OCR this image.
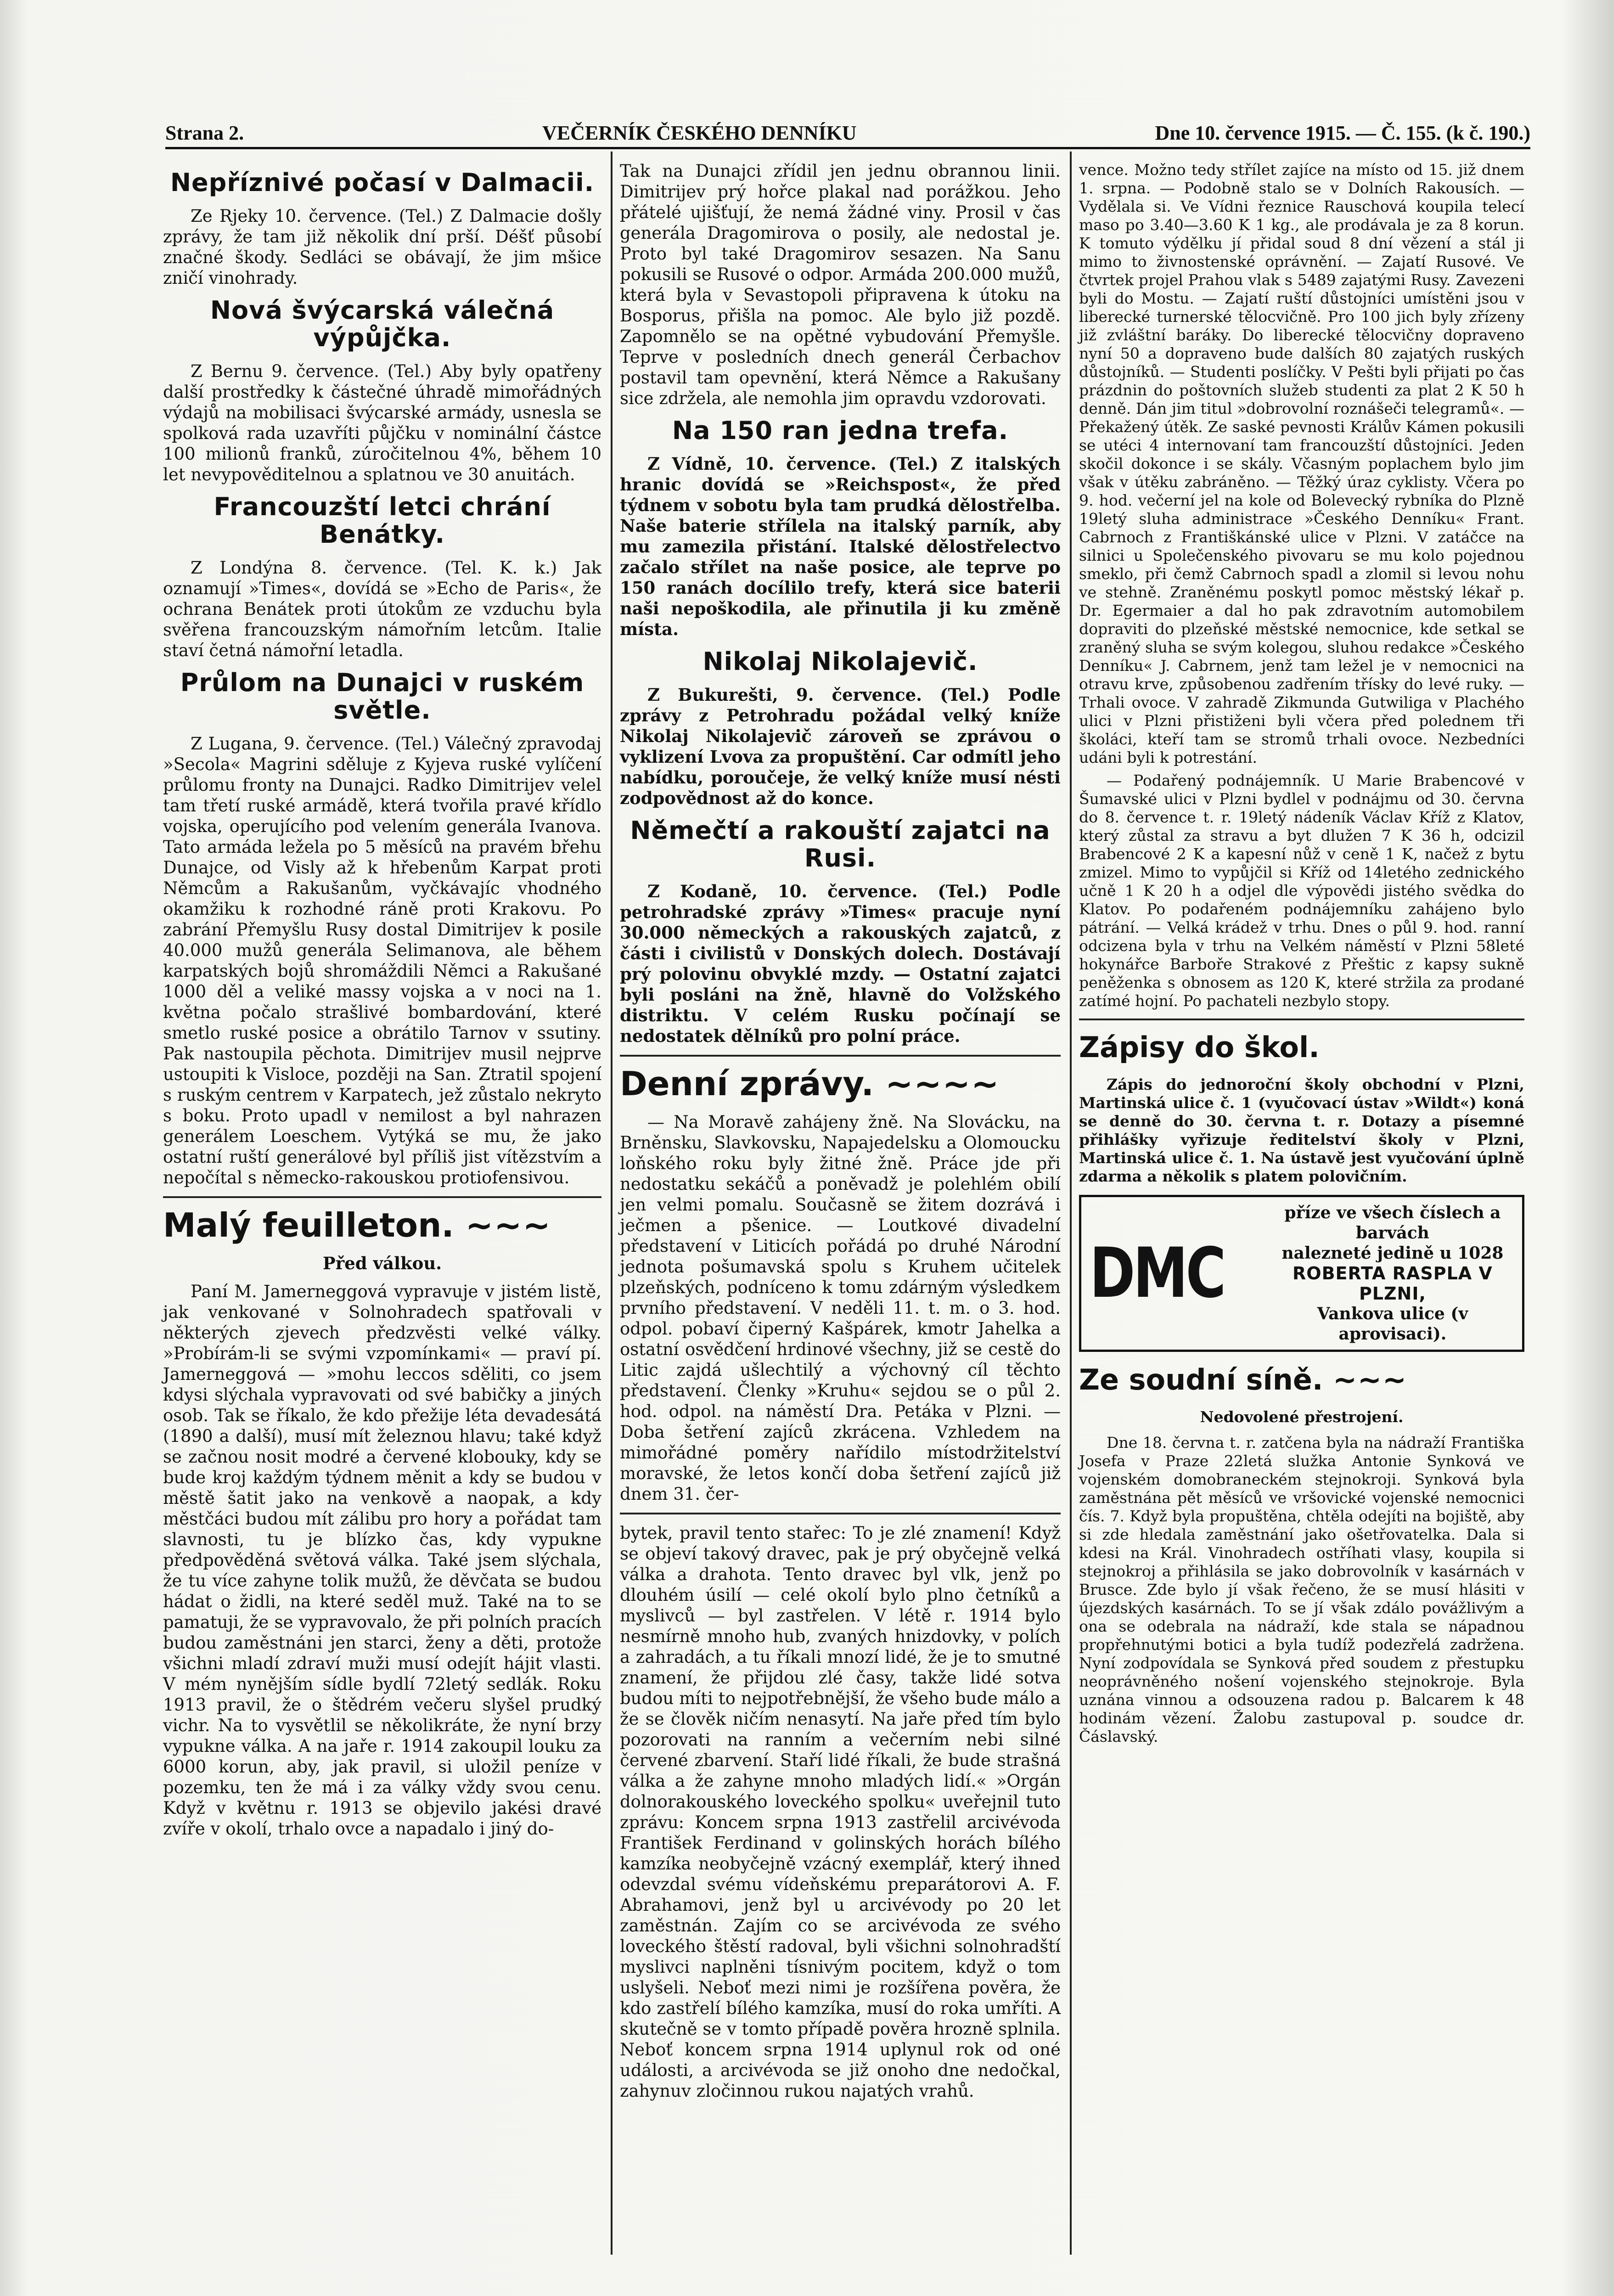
Strana 2.	VEČERNÍK ČESKÉHO DENNÍKU	Dne 10. července 1915. — Č. 155. (k č. 190.)
Nepříznivé počasí v Dalmacii.

Ze Rjeky 10. července. (Tel.) Z Dalmacie došly zprávy, že tam již několik dní prší. Déšť působí značné škody. Sedláci se obávají, že jim mšice zničí vinohrady.

Nová švýcarská válečná výpůjčka.

Z Bernu 9. července. (Tel.) Aby byly opatřeny další prostředky k částečné úhradě mimořádných výdajů na mobilisaci švýcarské armády, usnesla se spolková rada uzavříti půjčku v nominální částce 100 milionů franků, zúročitelnou 4%, během 10 let nevypověditelnou a splatnou ve 30 anuitách.

Francouzští letci chrání Benátky.

Z Londýna 8. července. (Tel. K. k.) Jak oznamují »Times«, dovídá se »Echo de Paris«, že ochrana Benátek proti útokům ze vzduchu byla svěřena francouzským námořním letcům. Italie staví četná námořní letadla.

Průlom na Dunajci v ruském světle.

Z Lugana, 9. července. (Tel.) Válečný zpravodaj »Secola« Magrini sděluje z Kyjeva ruské vylíčení průlomu fronty na Dunajci. Radko Dimitrijev velel tam třetí ruské armádě, která tvořila pravé křídlo vojska, operujícího pod velením generála Ivanova. Tato armáda ležela po 5 měsíců na pravém břehu Dunajce, od Visly až k hřebenům Karpat proti Němcům a Rakušanům, vyčkávajíc vhodného okamžiku k rozhodné ráně proti Krakovu. Po zabrání Přemyšlu Rusy dostal Dimitrijev k posile 40.000 mužů generála Selimanova, ale během karpatských bojů shromáždili Němci a Rakušané 1000 děl a veliké massy vojska a v noci na 1. května počalo strašlivé bombardování, které smetlo ruské posice a obrátilo Tarnov v ssutiny. Pak nastoupila pěchota. Dimitrijev musil nejprve ustoupiti k Visloce, později na San. Ztratil spojení s ruským centrem v Karpatech, jež zůstalo nekryto s boku. Proto upadl v nemilost a byl nahrazen generálem Loeschem. Vytýká se mu, že jako ostatní ruští generálové byl příliš jist vítězstvím a nepočítal s německo-rakouskou protiofensivou.

Malý feuilleton. ~~~
Před válkou.

Paní M. Jamerneggová vypravuje v jistém listě, jak venkované v Solnohradech spatřovali v některých zjevech předzvěsti velké války. »Probírám-li se svými vzpomínkami« — praví pí. Jamerneggová — »mohu leccos sděliti, co jsem kdysi slýchala vypravovati od své babičky a jiných osob. Tak se říkalo, že kdo přežije léta devadesátá (1890 a další), musí mít železnou hlavu; také když se začnou nosit modré a červené klobouky, kdy se bude kroj každým týdnem měnit a kdy se budou v městě šatit jako na venkově a naopak, a kdy městčáci budou mít zálibu pro hory a pořádat tam slavnosti, tu je blízko čas, kdy vypukne předpověděná světová válka. Také jsem slýchala, že tu více zahyne tolik mužů, že děvčata se budou hádat o židli, na které seděl muž. Také na to se pamatuji, že se vypravovalo, že při polních pracích budou zaměstnáni jen starci, ženy a děti, protože všichni mladí zdraví muži musí odejít hájit vlasti. V mém nynějším sídle bydlí 72letý sedlák. Roku 1913 pravil, že o štědrém večeru slyšel prudký vichr. Na to vysvětlil se několikráte, že nyní brzy vypukne válka. A na jaře r. 1914 zakoupil louku za 6000 korun, aby, jak pravil, si uložil peníze v pozemku, ten že má i za války vždy svou cenu. Když v květnu r. 1913 se objevilo jakési dravé zvíře v okolí, trhalo ovce a napadalo i jiný do-

Tak na Dunajci zřídil jen jednu obrannou linii. Dimitrijev prý hořce plakal nad porážkou. Jeho přátelé ujišťují, že nemá žádné viny. Prosil v čas generála Dragomirova o posily, ale nedostal je. Proto byl také Dragomirov sesazen. Na Sanu pokusili se Rusové o odpor. Armáda 200.000 mužů, která byla v Sevastopoli připravena k útoku na Bosporus, přišla na pomoc. Ale bylo již pozdě. Zapomnělo se na opětné vybudování Přemyšle. Teprve v posledních dnech generál Čerbachov postavil tam opevnění, která Němce a Rakušany sice zdržela, ale nemohla jim opravdu vzdorovati.

Na 150 ran jedna trefa.

Z Vídně, 10. července. (Tel.) Z italských hranic dovídá se »Reichspost«, že před týdnem v sobotu byla tam prudká dělostřelba. Naše baterie střílela na italský parník, aby mu zamezila přistání. Italské dělostřelectvo začalo střílet na naše posice, ale teprve po 150 ranách docílilo trefy, která sice baterii naši nepoškodila, ale přinutila ji ku změně místa.

Nikolaj Nikolajevič.

Z Bukurešti, 9. července. (Tel.) Podle zprávy z Petrohradu požádal velký kníže Nikolaj Nikolajevič zároveň se zprávou o vyklizení Lvova za propuštění. Car odmítl jeho nabídku, poroučeje, že velký kníže musí nésti zodpovědnost až do konce.

Němečtí a rakouští zajatci na Rusi.

Z Kodaně, 10. července. (Tel.) Podle petrohradské zprávy »Times« pracuje nyní 30.000 německých a rakouských zajatců, z části i civilistů v Donských dolech. Dostávají prý polovinu obvyklé mzdy. — Ostatní zajatci byli posláni na žně, hlavně do Volžského distriktu. V celém Rusku počínají se nedostatek dělníků pro polní práce.

Denní zprávy. ~~~~

— Na Moravě zahájeny žně. Na Slovácku, na Brněnsku, Slavkovsku, Napajedelsku a Olomoucku loňského roku byly žitné žně. Práce jde při nedostatku sekáčů a poněvadž je polehlém obilí jen velmi pomalu. Současně se žitem dozrává i ječmen a pšenice. — Loutkové divadelní představení v Liticích pořádá po druhé Národní jednota pošumavská spolu s Kruhem učitelek plzeňských, podníceno k tomu zdárným výsledkem prvního představení. V neděli 11. t. m. o 3. hod. odpol. pobaví čiperný Kašpárek, kmotr Jahelka a ostatní osvědčení hrdinové všechny, již se cestě do Litic zajdá ušlechtilý a výchovný cíl těchto představení. Členky »Kruhu« sejdou se o půl 2. hod. odpol. na náměstí Dra. Petáka v Plzni. — Doba šetření zajíců zkrácena. Vzhledem na mimořádné poměry nařídilo místodržitelství moravské, že letos končí doba šetření zajíců již dnem 31. čer-

bytek, pravil tento stařec: To je zlé znamení! Když se objeví takový dravec, pak je prý obyčejně velká válka a drahota. Tento dravec byl vlk, jenž po dlouhém úsilí — celé okolí bylo plno četníků a myslivců — byl zastřelen. V létě r. 1914 bylo nesmírně mnoho hub, zvaných hnizdovky, v polích a zahradách, a tu říkali mnozí lidé, že je to smutné znamení, že přijdou zlé časy, takže lidé sotva budou míti to nejpotřebnější, že všeho bude málo a že se člověk ničím nenasytí. Na jaře před tím bylo pozorovati na ranním a večerním nebi silné červené zbarvení. Staří lidé říkali, že bude strašná válka a že zahyne mnoho mladých lidí.« »Orgán dolnorakouského loveckého spolku« uveřejnil tuto zprávu: Koncem srpna 1913 zastřelil arcivévoda František Ferdinand v golinských horách bílého kamzíka neobyčejně vzácný exemplář, který ihned odevzdal svému vídeňskému preparátorovi A. F. Abrahamovi, jenž byl u arcivévody po 20 let zaměstnán. Zajím co se arcivévoda ze svého loveckého štěstí radoval, byli všichni solnohradští myslivci naplněni tísnivým pocitem, když o tom uslyšeli. Neboť mezi nimi je rozšířena pověra, že kdo zastřelí bílého kamzíka, musí do roka umříti. A skutečně se v tomto případě pověra hrozně splnila. Neboť koncem srpna 1914 uplynul rok od oné události, a arcivévoda se již onoho dne nedočkal, zahynuv zločinnou rukou najatých vrahů.

vence. Možno tedy střílet zajíce na místo od 15. již dnem 1. srpna. — Podobně stalo se v Dolních Rakousích. — Vydělala si. Ve Vídni řeznice Rauschová koupila telecí maso po 3.40—3.60 K 1 kg., ale prodávala je za 8 korun. K tomuto výdělku jí přidal soud 8 dní vězení a stál ji mimo to živnostenské oprávnění. — Zajatí Rusové. Ve čtvrtek projel Prahou vlak s 5489 zajatými Rusy. Zavezeni byli do Mostu. — Zajatí ruští důstojníci umístěni jsou v liberecké turnerské tělocvičně. Pro 100 jich byly zřízeny již zvláštní baráky. Do liberecké tělocvičny dopraveno nyní 50 a dopraveno bude dalších 80 zajatých ruských důstojníků. — Studenti poslíčky. V Pešti byli přijati po čas prázdnin do poštovních služeb studenti za plat 2 K 50 h denně. Dán jim titul »dobrovolní roznášeči telegramů«. — Překažený útěk. Ze saské pevnosti Králův Kámen pokusili se utéci 4 internovaní tam francouzští důstojníci. Jeden skočil dokonce i se skály. Včasným poplachem bylo jim však v útěku zabráněno. — Těžký úraz cyklisty. Včera po 9. hod. večerní jel na kole od Bolevecký rybníka do Plzně 19letý sluha administrace »Českého Denníku« Frant. Cabrnoch z Františkánské ulice v Plzni. V zatáčce na silnici u Společenského pivovaru se mu kolo pojednou smeklo, při čemž Cabrnoch spadl a zlomil si levou nohu ve stehně. Zraněnému poskytl pomoc městský lékař p. Dr. Egermaier a dal ho pak zdravotním automobilem dopraviti do plzeňské městské nemocnice, kde setkal se zraněný sluha se svým kolegou, sluhou redakce »Českého Denníku« J. Cabrnem, jenž tam ležel je v nemocnici na otravu krve, způsobenou zadřením třísky do levé ruky. — Trhali ovoce. V zahradě Zikmunda Gutwiliga v Plachého ulici v Plzni přistiženi byli včera před polednem tři školáci, kteří tam se stromů trhali ovoce. Nezbedníci udáni byli k potrestání.

— Podařený podnájemník. U Marie Brabencové v Šumavské ulici v Plzni bydlel v podnájmu od 30. června do 8. července t. r. 19letý nádeník Václav Kříž z Klatov, který zůstal za stravu a byt dlužen 7 K 36 h, odcizil Brabencové 2 K a kapesní nůž v ceně 1 K, načež z bytu zmizel. Mimo to vypůjčil si Kříž od 14letého zednického učně 1 K 20 h a odjel dle výpovědi jistého svědka do Klatov. Po podařeném podnájemníku zahájeno bylo pátrání. — Velká krádež v trhu. Dnes o půl 9. hod. ranní odcizena byla v trhu na Velkém náměstí v Plzni 58leté hokynářce Barboře Strakové z Přeštic z kapsy sukně peněženka s obnosem as 120 K, které stržila za prodané zatímé hojní. Po pachateli nezbylo stopy.

Zápisy do škol.

Zápis do jednoroční školy obchodní v Plzni, Martinská ulice č. 1 (vyučovací ústav »Wildt«) koná se denně do 30. června t. r. Dotazy a písemné přihlášky vyřizuje ředitelství školy v Plzni, Martinská ulice č. 1. Na ústavě jest vyučování úplně zdarma a několik s platem polovičním.

DMC
příze ve všech číslech a barvách
nalezneté jedině u 1028
ROBERTA RASPLA V PLZNI,
Vankova ulice (v aprovisaci).
Ze soudní síně. ~~~
Nedovolené přestrojení.

Dne 18. června t. r. zatčena byla na nádraží Františka Josefa v Praze 22letá služka Antonie Synková ve vojenském domobraneckém stejnokroji. Synková byla zaměstnána pět měsíců ve vršovické vojenské nemocnici čís. 7. Když byla propuštěna, chtěla odejíti na bojiště, aby si zde hledala zaměstnání jako ošetřovatelka. Dala si kdesi na Král. Vinohradech ostříhati vlasy, koupila si stejnokroj a přihlásila se jako dobrovolník v kasárnách v Brusce. Zde bylo jí však řečeno, že se musí hlásiti v újezdských kasárnách. To se jí však zdálo povážlivým a ona se odebrala na nádraží, kde stala se nápadnou propřehnutými botici a byla tudíž podezřelá zadržena. Nyní zodpovídala se Synková před soudem z přestupku neoprávněného nošení vojenského stejnokroje. Byla uznána vinnou a odsouzena radou p. Balcarem k 48 hodinám vězení. Žalobu zastupoval p. soudce dr. Čáslavský.
